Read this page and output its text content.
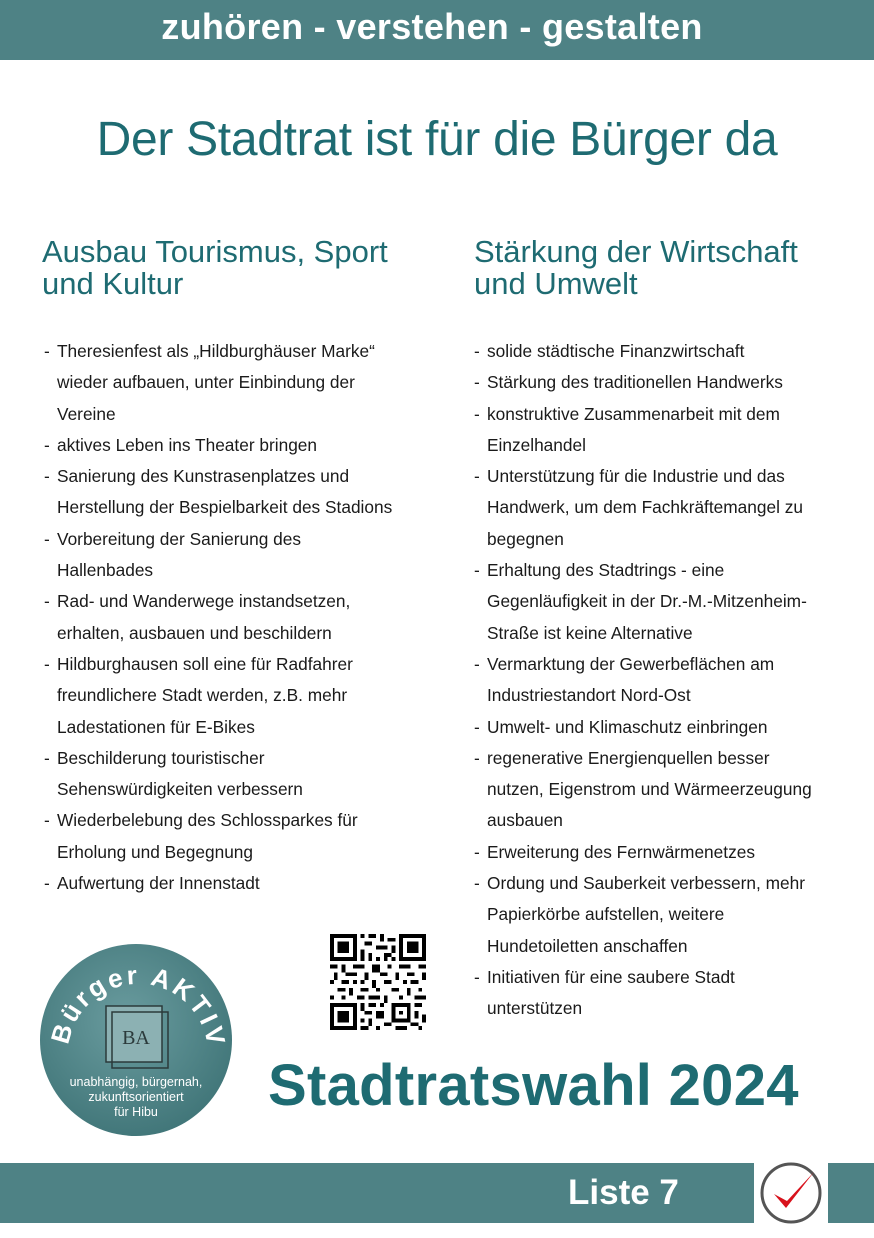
zuhören - verstehen - gestalten
Der Stadtrat ist für die Bürger da
Ausbau Tourismus, Sport
und Kultur
Stärkung der Wirtschaft
und Umwelt
- Theresienfest als „Hildburghäuser Marke“
wieder aufbauen, unter Einbindung der
Vereine
- aktives Leben ins Theater bringen
- Sanierung des Kunstrasenplatzes und
Herstellung der Bespielbarkeit des Stadions
- Vorbereitung der Sanierung des
Hallenbades
- Rad- und Wanderwege instandsetzen,
erhalten, ausbauen und beschildern
- Hildburghausen soll eine für Radfahrer
freundlichere Stadt werden, z.B. mehr
Ladestationen für E-Bikes
- Beschilderung touristischer
Sehenswürdigkeiten verbessern
- Wiederbelebung des Schlossparkes für
Erholung und Begegnung
- Aufwertung der Innenstadt
- solide städtische Finanzwirtschaft
- Stärkung des traditionellen Handwerks
- konstruktive Zusammenarbeit mit dem
Einzelhandel
- Unterstützung für die Industrie und das
Handwerk, um dem Fachkräftemangel zu
begegnen
- Erhaltung des Stadtrings - eine
Gegenläufigkeit in der Dr.-M.-Mitzenheim-
Straße ist keine Alternative
- Vermarktung der Gewerbeflächen am
Industriestandort Nord-Ost
- Umwelt- und Klimaschutz einbringen
- regenerative Energienquellen besser
nutzen, Eigenstrom und Wärmeerzeugung
ausbauen
- Erweiterung des Fernwärmenetzes
- Ordung und Sauberkeit verbessern, mehr
Papierkörbe aufstellen, weitere
Hundetoiletten anschaffen
- Initiativen für eine saubere Stadt
unterstützen
Bürger AKTIV
BA
unabhängig, bürgernah,
zukunftsorientiert
für Hibu Stadtratswahl 2024
Liste 7
